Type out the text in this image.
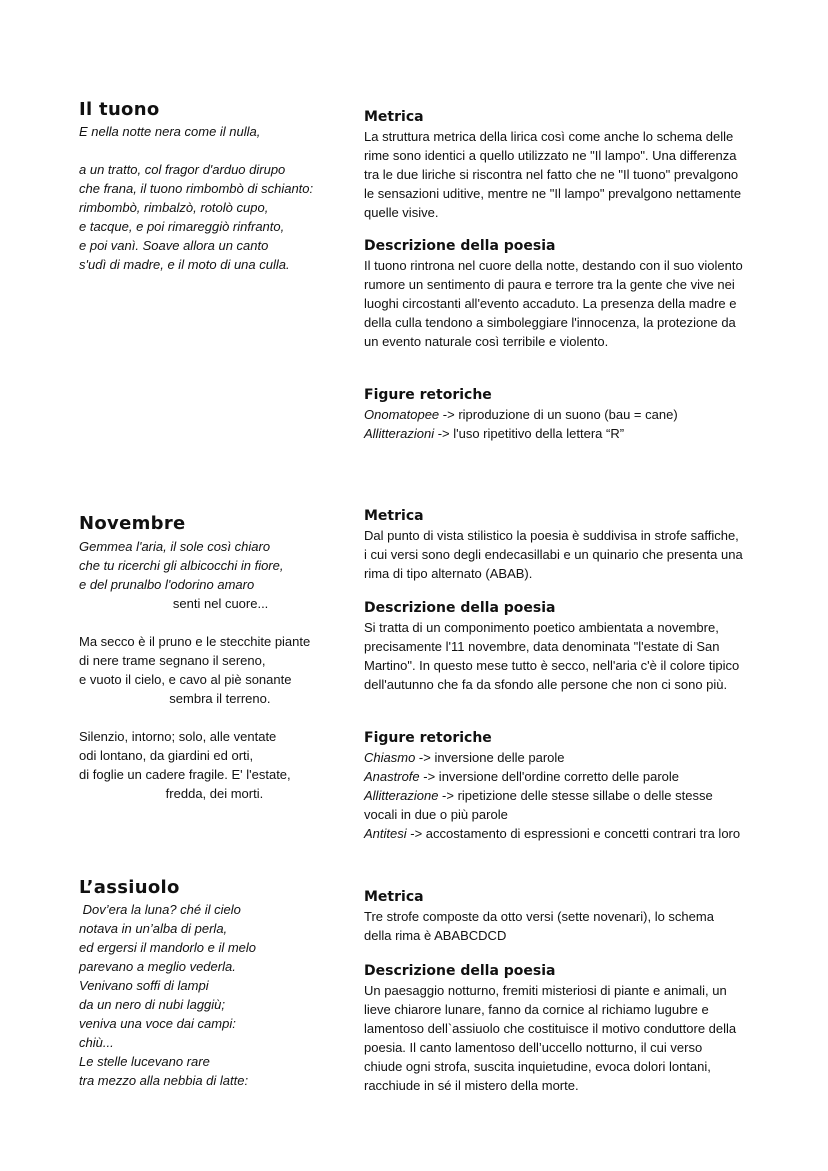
Il tuono
E nella notte nera come il nulla,
a un tratto, col fragor d'arduo dirupo
che frana, il tuono rimbombò di schianto:
rimbombò, rimbalzò, rotolò cupo,
e tacque, e poi rimareggiò rinfranto,
e poi vanì. Soave allora un canto
s'udì di madre, e il moto di una culla.
Metrica

La struttura metrica della lirica così come anche lo schema delle rime sono identici a quello utilizzato ne "Il lampo". Una differenza tra le due liriche si riscontra nel fatto che ne "Il tuono" prevalgono le sensazioni uditive, mentre ne "Il lampo" prevalgono nettamente quelle visive.

Descrizione della poesia

Il tuono rintrona nel cuore della notte, destando con il suo violento rumore un sentimento di paura e terrore tra la gente che vive nei luoghi circostanti all'evento accaduto. La presenza della madre e della culla tendono a simboleggiare l'innocenza, la protezione da un evento naturale così terribile e violento.

Figure retoriche
Onomatopee -> riproduzione di un suono (bau = cane)
Allitterazioni -> l'uso ripetitivo della lettera “R”
Novembre
Gemmea l'aria, il sole così chiaro
che tu ricerchi gli albicocchi in fiore,
e del prunalbo l'odorino amaro
senti nel cuore...
Ma secco è il pruno e le stecchite piante
di nere trame segnano il sereno,
e vuoto il cielo, e cavo al piè sonante
sembra il terreno.
Silenzio, intorno; solo, alle ventate
odi lontano, da giardini ed orti,
di foglie un cadere fragile. E' l'estate,
fredda, dei morti.
Metrica

Dal punto di vista stilistico la poesia è suddivisa in strofe saffiche, i cui versi sono degli endecasillabi e un quinario che presenta una rima di tipo alternato (ABAB).

Descrizione della poesia

Si tratta di un componimento poetico ambientata a novembre, precisamente l'11 novembre, data denominata "l'estate di San Martino". In questo mese tutto è secco, nell'aria c'è il colore tipico dell'autunno che fa da sfondo alle persone che non ci sono più.

Figure retoriche
Chiasmo -> inversione delle parole
Anastrofe -> inversione dell'ordine corretto delle parole
Allitterazione -> ripetizione delle stesse sillabe o delle stesse vocali in due o più parole
Antitesi -> accostamento di espressioni e concetti contrari tra loro
L’assiuolo
Dov’era la luna? ché il cielo
notava in un’alba di perla,
ed ergersi il mandorlo e il melo
parevano a meglio vederla.
Venivano soffi di lampi
da un nero di nubi laggiù;
veniva una voce dai campi:
chiù...
Le stelle lucevano rare
tra mezzo alla nebbia di latte:
Metrica

Tre strofe composte da otto versi (sette novenari), lo schema della rima è ABABCDCD

Descrizione della poesia

Un paesaggio notturno, fremiti misteriosi di piante e animali, un lieve chiarore lunare, fanno da cornice al richiamo lugubre e lamentoso dell`assiuolo che costituisce il motivo conduttore della poesia. Il canto lamentoso dell’uccello notturno, il cui verso chiude ogni strofa, suscita inquietudine, evoca dolori lontani, racchiude in sé il mistero della morte.
